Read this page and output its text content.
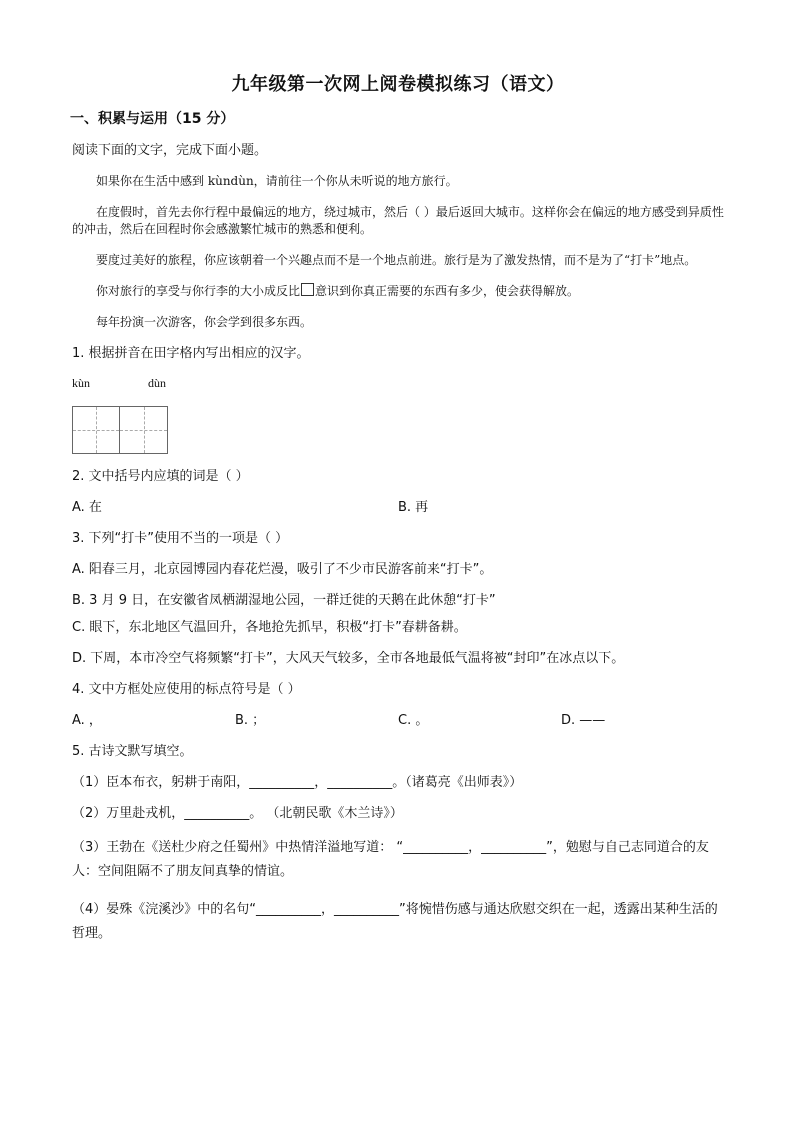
九年级第一次网上阅卷模拟练习（语文）
一、积累与运用（15 分）
阅读下面的文字，完成下面小题。
如果你在生活中感到 kùndùn，请前往一个你从未听说的地方旅行。
在度假时，首先去你行程中最偏远的地方，绕过城市，然后（ ）最后返回大城市。这样你会在偏远的地方感受到异质性的冲击，然后在回程时你会感激繁忙城市的熟悉和便利。
要度过美好的旅程，你应该朝着一个兴趣点而不是一个地点前进。旅行是为了激发热情，而不是为了“打卡”地点。
你对旅行的享受与你行李的大小成反比 意识到你真正需要的东西有多少，使会获得解放。
每年扮演一次游客，你会学到很多东西。
1. 根据拼音在田字格内写出相应的汉字。
kùn	dùn
2. 文中括号内应填的词是（ ）
A. 在	B. 再
3. 下列“打卡”使用不当的一项是（ ）
A. 阳春三月，北京园博园内春花烂漫，吸引了不少市民游客前来“打卡”。
B. 3 月 9 日，在安徽省凤栖湖湿地公园，一群迁徙的天鹅在此休憩“打卡”
C. 眼下，东北地区气温回升，各地抢先抓早，积极“打卡”春耕备耕。
D. 下周，本市冷空气将频繁“打卡”，大风天气较多，全市各地最低气温将被“封印”在冰点以下。
4. 文中方框处应使用的标点符号是（ ）
A. ，	B. ；	C. 。	D. ——
5. 古诗文默写填空。
（1）臣本布衣，躬耕于南阳，__________，__________。（诸葛亮《出师表》）
（2）万里赴戎机，__________。 （北朝民歌《木兰诗》）
（3）王勃在《送杜少府之任蜀州》中热情洋溢地写道： “__________，__________”，勉慰与自己志同道合的友人：空间阻隔不了朋友间真挚的情谊。
（4）晏殊《浣溪沙》中的名句“__________，__________”将惋惜伤感与通达欣慰交织在一起，透露出某种生活的哲理。
